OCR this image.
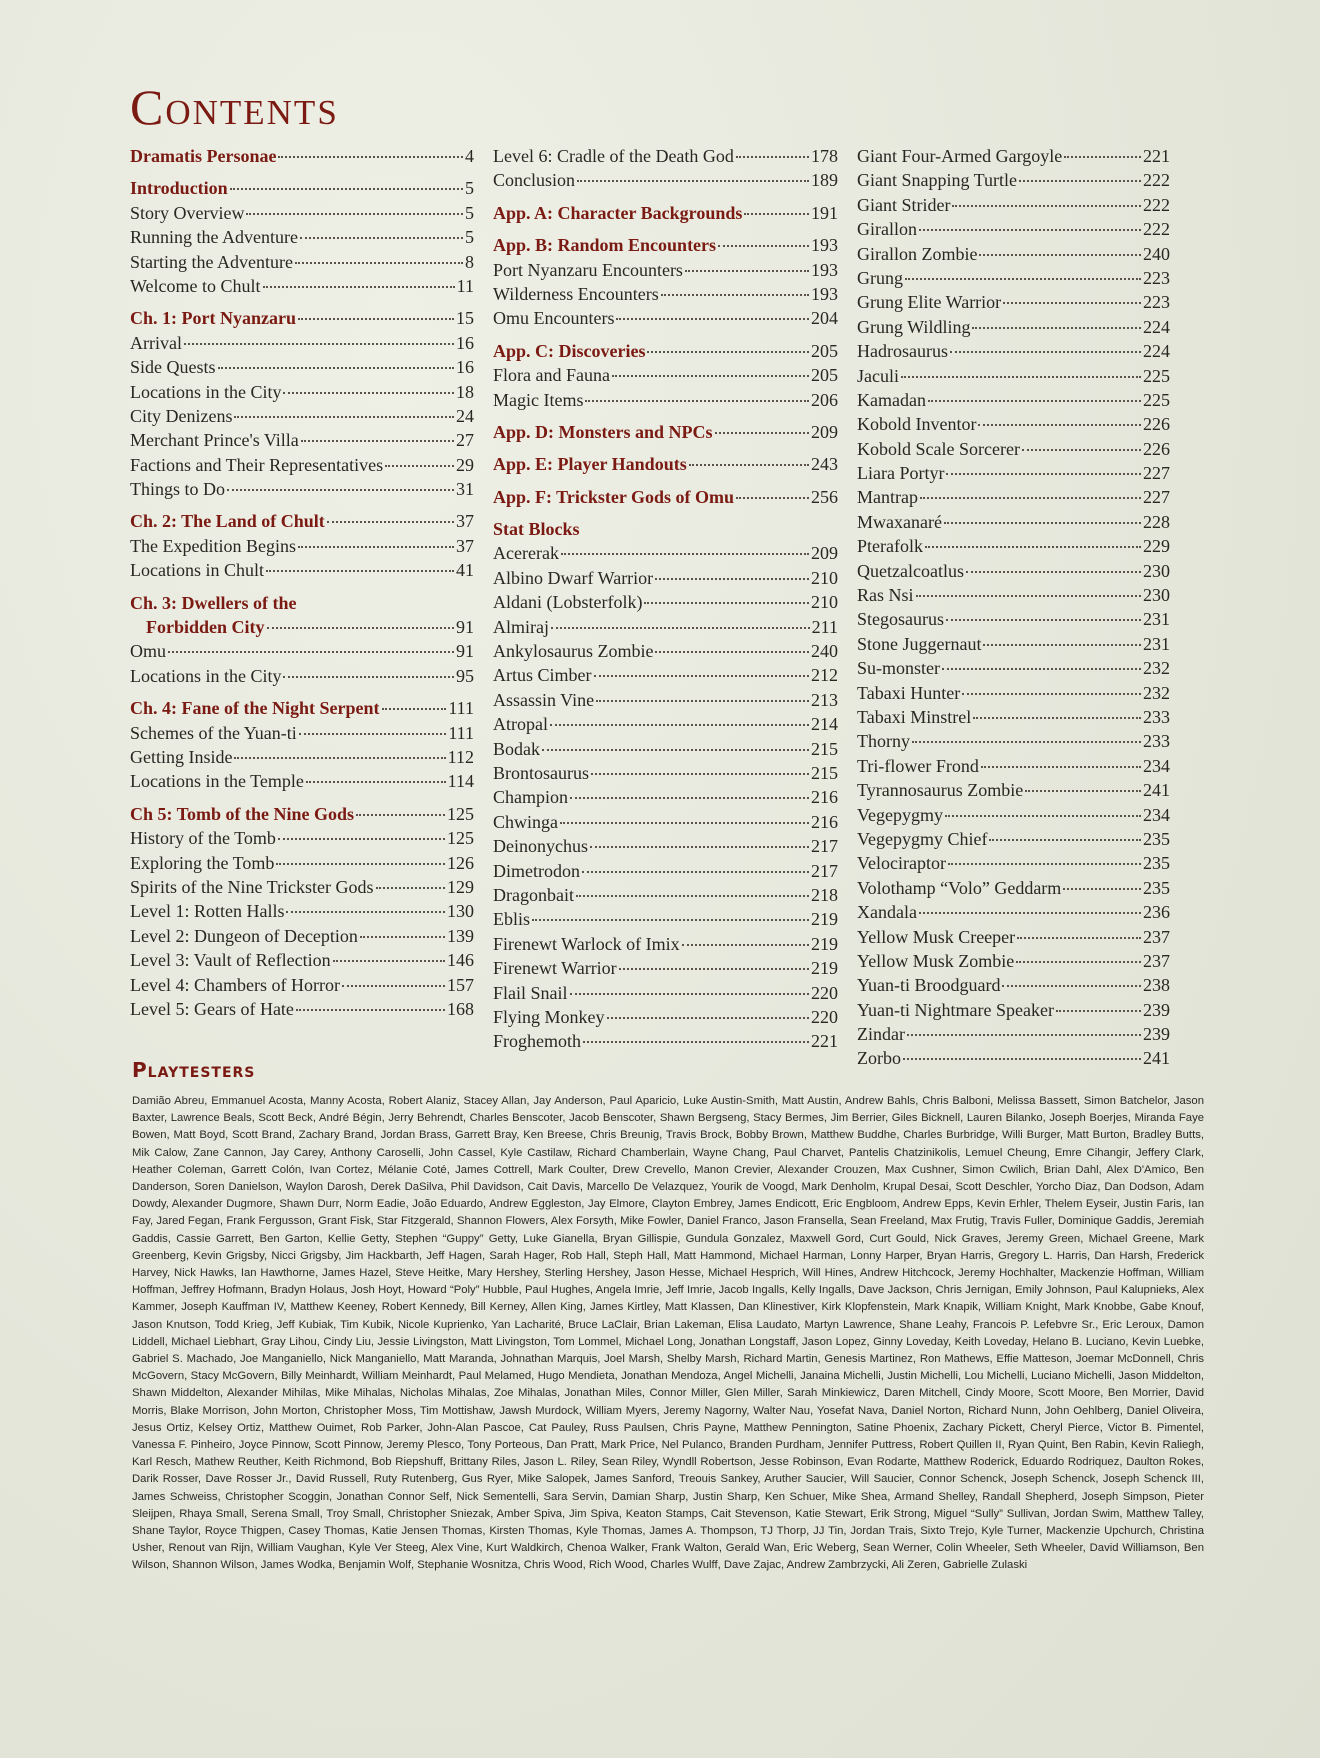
Contents
Dramatis Personae	4
Introduction	5
Story Overview	5
Running the Adventure	5
Starting the Adventure	8
Welcome to Chult	11
Ch. 1: Port Nyanzaru	15
Arrival	16
Side Quests	16
Locations in the City	18
City Denizens	24
Merchant Prince's Villa	27
Factions and Their Representatives	29
Things to Do	31
Ch. 2: The Land of Chult	37
The Expedition Begins	37
Locations in Chult	41
Ch. 3: Dwellers of the
Forbidden City	91
Omu	91
Locations in the City	95
Ch. 4: Fane of the Night Serpent	111
Schemes of the Yuan-ti	111
Getting Inside	112
Locations in the Temple	114
Ch 5: Tomb of the Nine Gods	125
History of the Tomb	125
Exploring the Tomb	126
Spirits of the Nine Trickster Gods	129
Level 1: Rotten Halls	130
Level 2: Dungeon of Deception	139
Level 3: Vault of Reflection	146
Level 4: Chambers of Horror	157
Level 5: Gears of Hate	168
Level 6: Cradle of the Death God	178
Conclusion	189
App. A: Character Backgrounds	191
App. B: Random Encounters	193
Port Nyanzaru Encounters	193
Wilderness Encounters	193
Omu Encounters	204
App. C: Discoveries	205
Flora and Fauna	205
Magic Items	206
App. D: Monsters and NPCs	209
App. E: Player Handouts	243
App. F: Trickster Gods of Omu	256
Stat Blocks
Acererak	209
Albino Dwarf Warrior	210
Aldani (Lobsterfolk)	210
Almiraj	211
Ankylosaurus Zombie	240
Artus Cimber	212
Assassin Vine	213
Atropal	214
Bodak	215
Brontosaurus	215
Champion	216
Chwinga	216
Deinonychus	217
Dimetrodon	217
Dragonbait	218
Eblis	219
Firenewt Warlock of Imix	219
Firenewt Warrior	219
Flail Snail	220
Flying Monkey	220
Froghemoth	221
Giant Four-Armed Gargoyle	221
Giant Snapping Turtle	222
Giant Strider	222
Girallon	222
Girallon Zombie	240
Grung	223
Grung Elite Warrior	223
Grung Wildling	224
Hadrosaurus	224
Jaculi	225
Kamadan	225
Kobold Inventor	226
Kobold Scale Sorcerer	226
Liara Portyr	227
Mantrap	227
Mwaxanaré	228
Pterafolk	229
Quetzalcoatlus	230
Ras Nsi	230
Stegosaurus	231
Stone Juggernaut	231
Su-monster	232
Tabaxi Hunter	232
Tabaxi Minstrel	233
Thorny	233
Tri-flower Frond	234
Tyrannosaurus Zombie	241
Vegepygmy	234
Vegepygmy Chief	235
Velociraptor	235
Volothamp “Volo” Geddarm	235
Xandala	236
Yellow Musk Creeper	237
Yellow Musk Zombie	237
Yuan-ti Broodguard	238
Yuan-ti Nightmare Speaker	239
Zindar	239
Zorbo	241
Playtesters

Damião Abreu, Emmanuel Acosta, Manny Acosta, Robert Alaniz, Stacey Allan, Jay Anderson, Paul Aparicio, Luke Austin-Smith, Matt Austin, Andrew Bahls, Chris Balboni, Melissa Bassett, Simon Batchelor, Jason Baxter, Lawrence Beals, Scott Beck, André Bégin, Jerry Behrendt, Charles Benscoter, Jacob Benscoter, Shawn Bergseng, Stacy Bermes, Jim Berrier, Giles Bicknell, Lauren Bilanko, Joseph Boerjes, Miranda Faye Bowen, Matt Boyd, Scott Brand, Zachary Brand, Jordan Brass, Garrett Bray, Ken Breese, Chris Breunig, Travis Brock, Bobby Brown, Matthew Buddhe, Charles Burbridge, Willi Burger, Matt Burton, Bradley Butts, Mik Calow, Zane Cannon, Jay Carey, Anthony Caroselli, John Cassel, Kyle Castilaw, Richard Chamberlain, Wayne Chang, Paul Charvet, Pantelis Chatzinikolis, Lemuel Cheung, Emre Cihangir, Jeffery Clark, Heather Coleman, Garrett Colón, Ivan Cortez, Mélanie Coté, James Cottrell, Mark Coulter, Drew Crevello, Manon Crevier, Alexander Crouzen, Max Cushner, Simon Cwilich, Brian Dahl, Alex D'Amico, Ben Danderson, Soren Danielson, Waylon Darosh, Derek DaSilva, Phil Davidson, Cait Davis, Marcello De Velazquez, Yourik de Voogd, Mark Denholm, Krupal Desai, Scott Deschler, Yorcho Diaz, Dan Dodson, Adam Dowdy, Alexander Dugmore, Shawn Durr, Norm Eadie, João Eduardo, Andrew Eggleston, Jay Elmore, Clayton Embrey, James Endicott, Eric Engbloom, Andrew Epps, Kevin Erhler, Thelem Eyseir, Justin Faris, Ian Fay, Jared Fegan, Frank Fergusson, Grant Fisk, Star Fitzgerald, Shannon Flowers, Alex Forsyth, Mike Fowler, Daniel Franco, Jason Fransella, Sean Freeland, Max Frutig, Travis Fuller, Dominique Gaddis, Jeremiah Gaddis, Cassie Garrett, Ben Garton, Kellie Getty, Stephen “Guppy” Getty, Luke Gianella, Bryan Gillispie, Gundula Gonzalez, Maxwell Gord, Curt Gould, Nick Graves, Jeremy Green, Michael Greene, Mark Greenberg, Kevin Grigsby, Nicci Grigsby, Jim Hackbarth, Jeff Hagen, Sarah Hager, Rob Hall, Steph Hall, Matt Hammond, Michael Harman, Lonny Harper, Bryan Harris, Gregory L. Harris, Dan Harsh, Frederick Harvey, Nick Hawks, Ian Hawthorne, James Hazel, Steve Heitke, Mary Hershey, Sterling Hershey, Jason Hesse, Michael Hesprich, Will Hines, Andrew Hitchcock, Jeremy Hochhalter, Mackenzie Hoffman, William Hoffman, Jeffrey Hofmann, Bradyn Holaus, Josh Hoyt, Howard “Poly” Hubble, Paul Hughes, Angela Imrie, Jeff Imrie, Jacob Ingalls, Kelly Ingalls, Dave Jackson, Chris Jernigan, Emily Johnson, Paul Kalupnieks, Alex Kammer, Joseph Kauffman IV, Matthew Keeney, Robert Kennedy, Bill Kerney, Allen King, James Kirtley, Matt Klassen, Dan Klinestiver, Kirk Klopfenstein, Mark Knapik, William Knight, Mark Knobbe, Gabe Knouf, Jason Knutson, Todd Krieg, Jeff Kubiak, Tim Kubik, Nicole Kuprienko, Yan Lacharité, Bruce LaClair, Brian Lakeman, Elisa Laudato, Martyn Lawrence, Shane Leahy, Francois P. Lefebvre Sr., Eric Leroux, Damon Liddell, Michael Liebhart, Gray Lihou, Cindy Liu, Jessie Livingston, Matt Livingston, Tom Lommel, Michael Long, Jonathan Longstaff, Jason Lopez, Ginny Loveday, Keith Loveday, Helano B. Luciano, Kevin Luebke, Gabriel S. Machado, Joe Manganiello, Nick Manganiello, Matt Maranda, Johnathan Marquis, Joel Marsh, Shelby Marsh, Richard Martin, Genesis Martinez, Ron Mathews, Effie Matteson, Joemar McDonnell, Chris McGovern, Stacy McGovern, Billy Meinhardt, William Meinhardt, Paul Melamed, Hugo Mendieta, Jonathan Mendoza, Angel Michelli, Janaina Michelli, Justin Michelli, Lou Michelli, Luciano Michelli, Jason Middelton, Shawn Middelton, Alexander Mihilas, Mike Mihalas, Nicholas Mihalas, Zoe Mihalas, Jonathan Miles, Connor Miller, Glen Miller, Sarah Minkiewicz, Daren Mitchell, Cindy Moore, Scott Moore, Ben Morrier, David Morris, Blake Morrison, John Morton, Christopher Moss, Tim Mottishaw, Jawsh Murdock, William Myers, Jeremy Nagorny, Walter Nau, Yosefat Nava, Daniel Norton, Richard Nunn, John Oehlberg, Daniel Oliveira, Jesus Ortiz, Kelsey Ortiz, Matthew Ouimet, Rob Parker, John-Alan Pascoe, Cat Pauley, Russ Paulsen, Chris Payne, Matthew Pennington, Satine Phoenix, Zachary Pickett, Cheryl Pierce, Victor B. Pimentel, Vanessa F. Pinheiro, Joyce Pinnow, Scott Pinnow, Jeremy Plesco, Tony Porteous, Dan Pratt, Mark Price, Nel Pulanco, Branden Purdham, Jennifer Puttress, Robert Quillen II, Ryan Quint, Ben Rabin, Kevin Raliegh, Karl Resch, Mathew Reuther, Keith Richmond, Bob Riepshuff, Brittany Riles, Jason L. Riley, Sean Riley, Wyndll Robertson, Jesse Robinson, Evan Rodarte, Matthew Roderick, Eduardo Rodriquez, Daulton Rokes, Darik Rosser, Dave Rosser Jr., David Russell, Ruty Rutenberg, Gus Ryer, Mike Salopek, James Sanford, Treouis Sankey, Aruther Saucier, Will Saucier, Connor Schenck, Joseph Schenck, Joseph Schenck III, James Schweiss, Christopher Scoggin, Jonathan Connor Self, Nick Sementelli, Sara Servin, Damian Sharp, Justin Sharp, Ken Schuer, Mike Shea, Armand Shelley, Randall Shepherd, Joseph Simpson, Pieter Sleijpen, Rhaya Small, Serena Small, Troy Small, Christopher Sniezak, Amber Spiva, Jim Spiva, Keaton Stamps, Cait Stevenson, Katie Stewart, Erik Strong, Miguel “Sully” Sullivan, Jordan Swim, Matthew Talley, Shane Taylor, Royce Thigpen, Casey Thomas, Katie Jensen Thomas, Kirsten Thomas, Kyle Thomas, James A. Thompson, TJ Thorp, JJ Tin, Jordan Trais, Sixto Trejo, Kyle Turner, Mackenzie Upchurch, Christina Usher, Renout van Rijn, William Vaughan, Kyle Ver Steeg, Alex Vine, Kurt Waldkirch, Chenoa Walker, Frank Walton, Gerald Wan, Eric Weberg, Sean Werner, Colin Wheeler, Seth Wheeler, David Williamson, Ben Wilson, Shannon Wilson, James Wodka, Benjamin Wolf, Stephanie Wosnitza, Chris Wood, Rich Wood, Charles Wulff, Dave Zajac, Andrew Zambrzycki, Ali Zeren, Gabrielle Zulaski
